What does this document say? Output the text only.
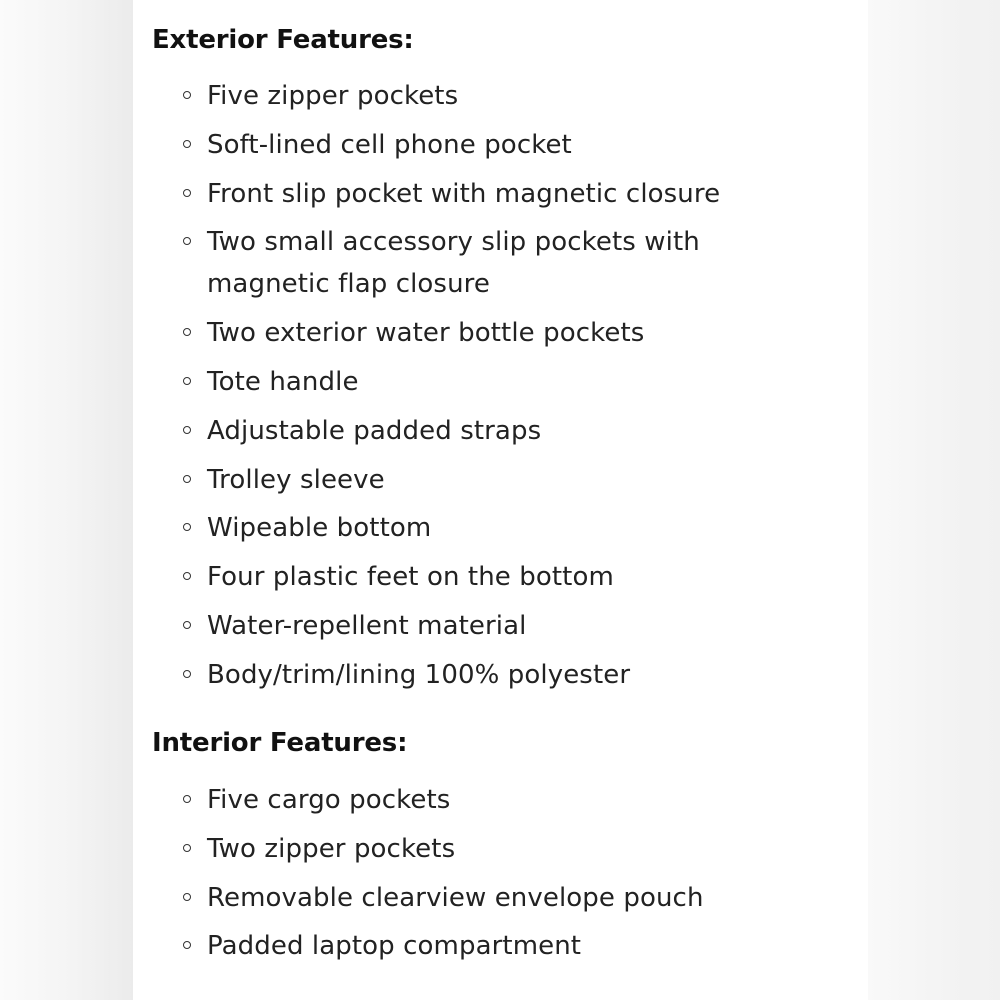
Exterior Features:
Five zipper pockets
Soft-lined cell phone pocket
Front slip pocket with magnetic closure
Two small accessory slip pockets with magnetic flap closure
Two exterior water bottle pockets
Tote handle
Adjustable padded straps
Trolley sleeve
Wipeable bottom
Four plastic feet on the bottom
Water-repellent material
Body/trim/lining 100% polyester
Interior Features:
Five cargo pockets
Two zipper pockets
Removable clearview envelope pouch
Padded laptop compartment
